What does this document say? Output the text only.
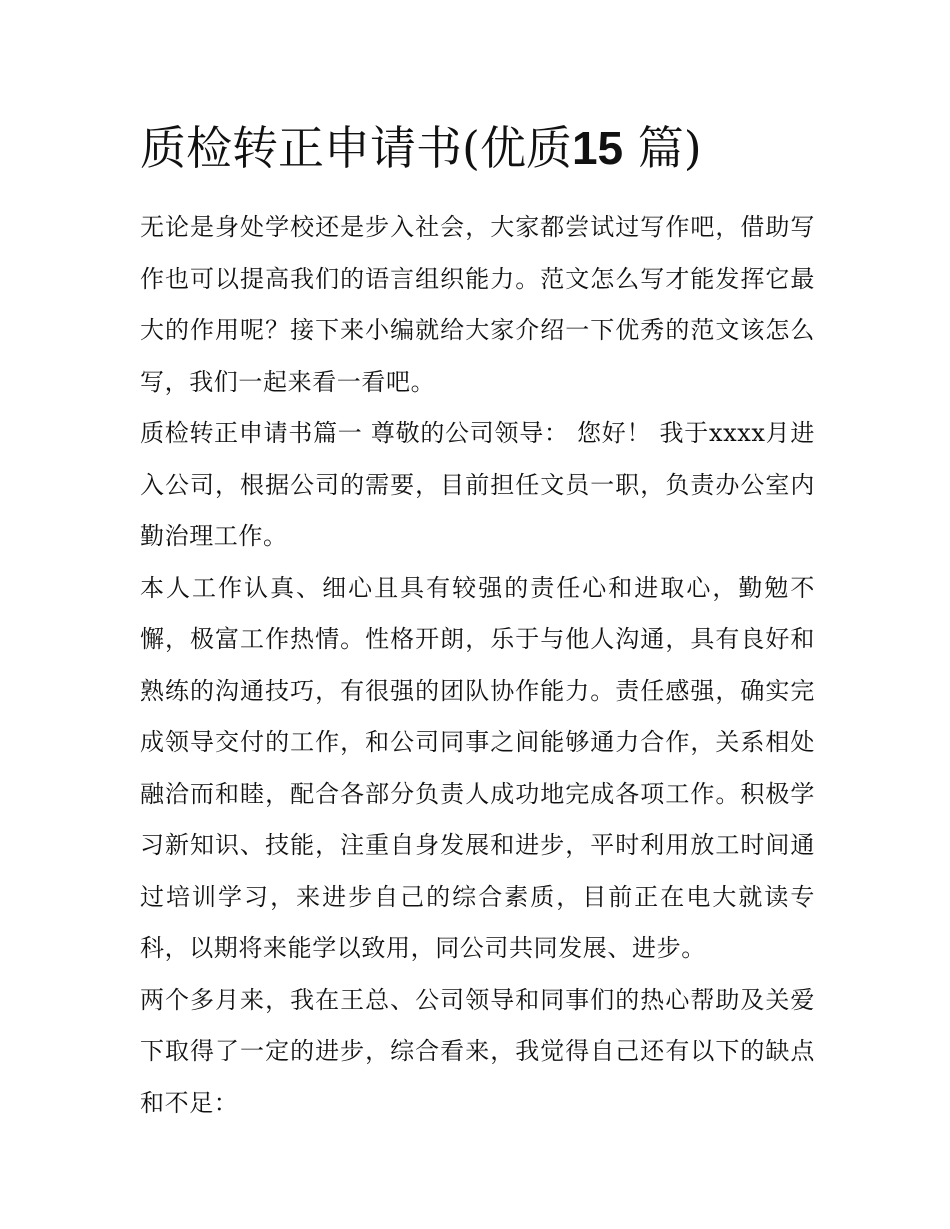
质检转正申请书(优质15 篇)

无论是身处学校还是步入社会，大家都尝试过写作吧，借助写作也可以提高我们的语言组织能力。范文怎么写才能发挥它最大的作用呢？接下来小编就给大家介绍一下优秀的范文该怎么写，我们一起来看一看吧。

质检转正申请书篇一 尊敬的公司领导： 您好！ 我于xxxx月进入公司，根据公司的需要，目前担任文员一职，负责办公室内勤治理工作。

本人工作认真、细心且具有较强的责任心和进取心，勤勉不懈，极富工作热情。性格开朗，乐于与他人沟通，具有良好和熟练的沟通技巧，有很强的团队协作能力。责任感强，确实完成领导交付的工作，和公司同事之间能够通力合作，关系相处融洽而和睦，配合各部分负责人成功地完成各项工作。积极学习新知识、技能，注重自身发展和进步，平时利用放工时间通过培训学习，来进步自己的综合素质，目前正在电大就读专科，以期将来能学以致用，同公司共同发展、进步。

两个多月来，我在王总、公司领导和同事们的热心帮助及关爱下取得了一定的进步，综合看来，我觉得自己还有以下的缺点和不足：
